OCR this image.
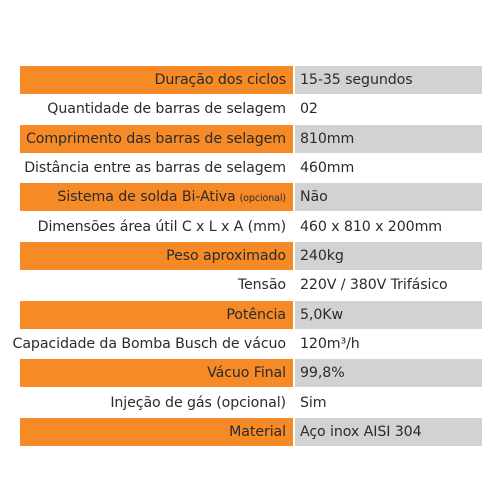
Duração dos ciclos 15-35 segundos
Quantidade de barras de selagem 02
Comprimento das barras de selagem 810mm
Distância entre as barras de selagem 460mm
Sistema de solda Bi-Ativa (opcional) Não
Dimensões área útil C x L x A (mm) 460 x 810 x 200mm
Peso aproximado 240kg
Tensão 220V / 380V Trifásico
Potência 5,0Kw
Capacidade da Bomba Busch de vácuo 120m³/h
Vácuo Final 99,8%
Injeção de gás (opcional) Sim
Material Aço inox AISI 304
